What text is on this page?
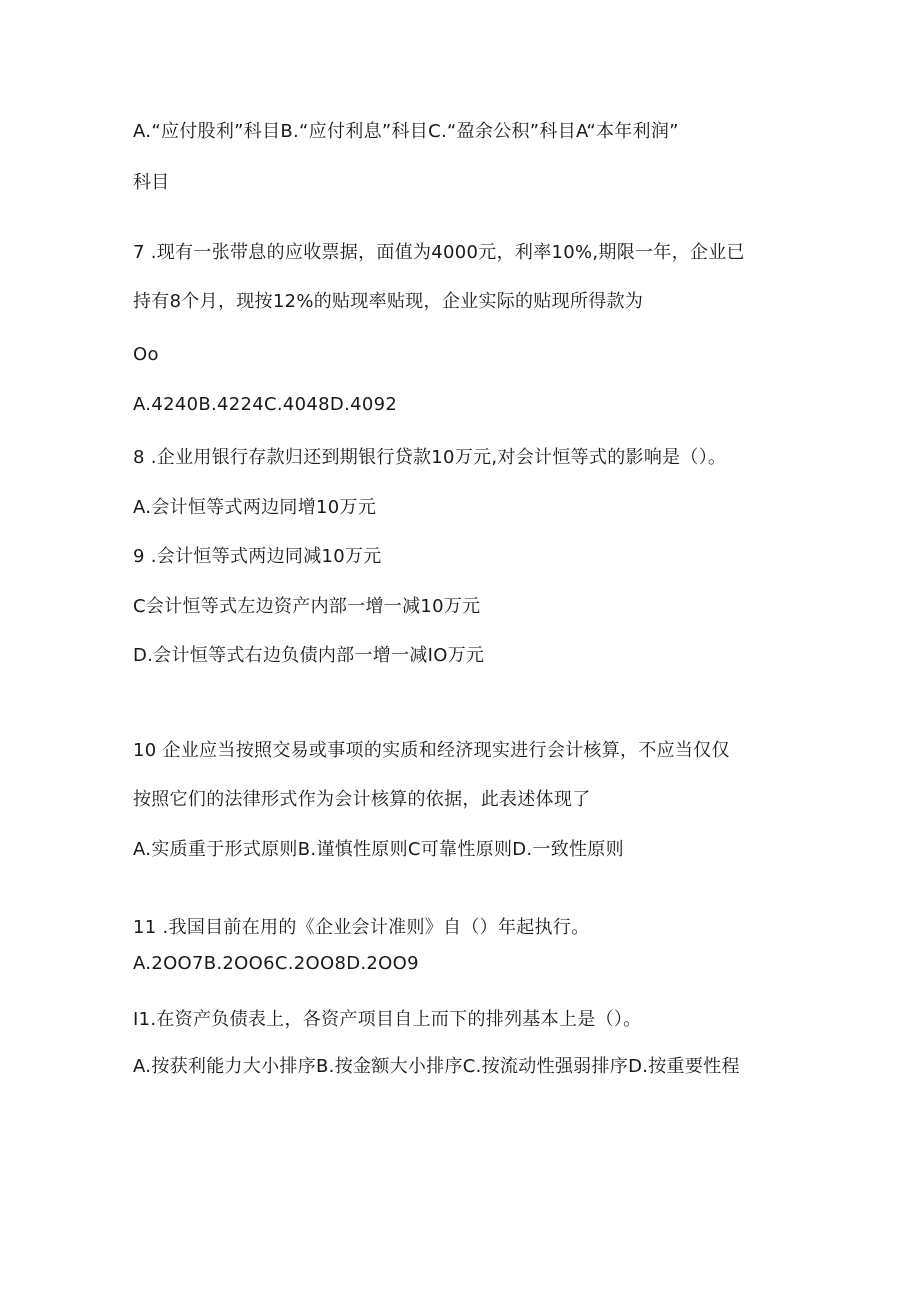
A.“应付股利”科目B.“应付利息”科目C.“盈余公积”科目A“本年利润”
科目
7 .现有一张带息的应收票据，面值为4000元，利率10%,期限一年，企业已
持有8个月，现按12%的贴现率贴现，企业实际的贴现所得款为
Oo
A.4240B.4224C.4048D.4092
8 .企业用银行存款归还到期银行贷款10万元,对会计恒等式的影响是（）。
A.会计恒等式两边同增10万元
9 .会计恒等式两边同减10万元
C会计恒等式左边资产内部一增一减10万元
D.会计恒等式右边负债内部一增一减IO万元
10 企业应当按照交易或事项的实质和经济现实进行会计核算，不应当仅仅
按照它们的法律形式作为会计核算的依据，此表述体现了
A.实质重于形式原则B.谨慎性原则C可靠性原则D.一致性原则
11 .我国目前在用的《企业会计准则》自（）年起执行。
A.2OO7B.2OO6C.2OO8D.2OO9
I1.在资产负债表上，各资产项目自上而下的排列基本上是（）。
A.按获利能力大小排序B.按金额大小排序C.按流动性强弱排序D.按重要性程
